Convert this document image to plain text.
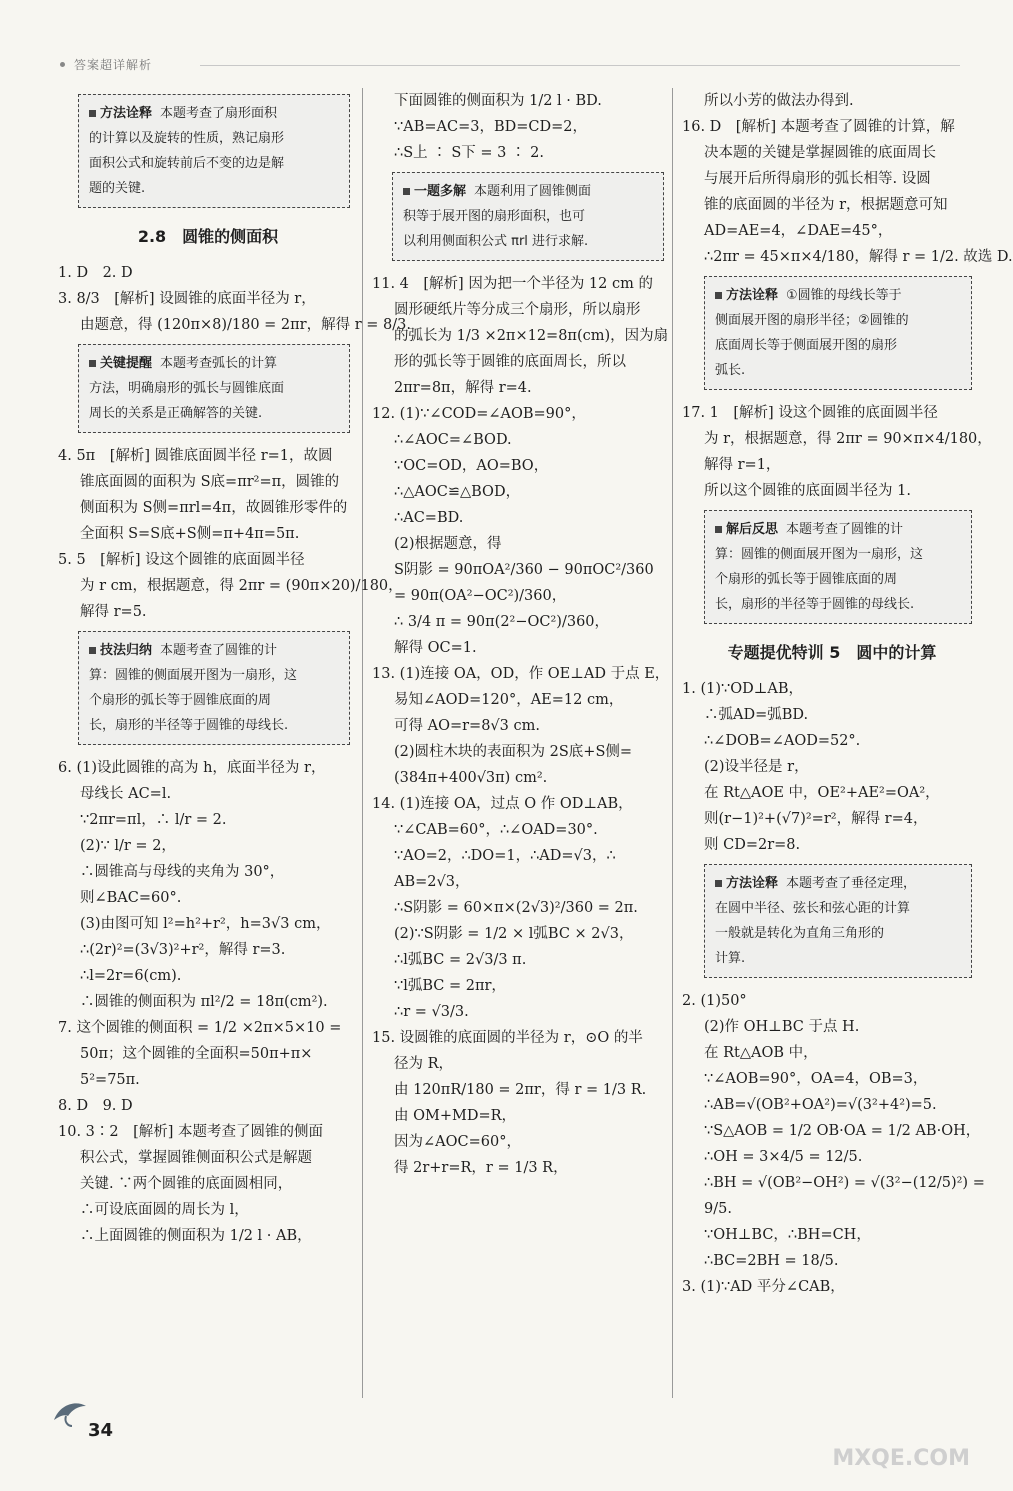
答案超详解析
方法诠释 本题考查了扇形面积
的计算以及旋转的性质，熟记扇形
面积公式和旋转前后不变的边是解
题的关键.
2.8　圆锥的侧面积
1. D　2. D
3. 8/3　[解析] 设圆锥的底面半径为 r，
由题意，得 (120π×8)/180 = 2πr，解得 r = 8/3.
关键提醒 本题考查弧长的计算
方法，明确扇形的弧长与圆锥底面
周长的关系是正确解答的关键.
4. 5π　[解析] 圆锥底面圆半径 r=1，故圆
锥底面圆的面积为 S底=πr²=π，圆锥的
侧面积为 S侧=πrl=4π，故圆锥形零件的
全面积 S=S底+S侧=π+4π=5π.
5. 5　[解析] 设这个圆锥的底面圆半径
为 r cm，根据题意，得 2πr = (90π×20)/180，
解得 r=5.
技法归纳 本题考查了圆锥的计
算：圆锥的侧面展开图为一扇形，这
个扇形的弧长等于圆锥底面的周
长，扇形的半径等于圆锥的母线长.
6. (1)设此圆锥的高为 h，底面半径为 r，
母线长 AC=l.
∵2πr=πl，∴ l/r = 2.
(2)∵ l/r = 2，
∴圆锥高与母线的夹角为 30°，
则∠BAC=60°.
(3)由图可知 l²=h²+r²，h=3√3 cm，
∴(2r)²=(3√3)²+r²，解得 r=3.
∴l=2r=6(cm).
∴圆锥的侧面积为 πl²/2 = 18π(cm²).
7. 这个圆锥的侧面积 = 1/2 ×2π×5×10 =
50π；这个圆锥的全面积=50π+π×
5²=75π.
8. D　9. D
10. 3∶2　[解析] 本题考查了圆锥的侧面
积公式，掌握圆锥侧面积公式是解题
关键. ∵两个圆锥的底面圆相同，
∴可设底面圆的周长为 l，
∴上面圆锥的侧面积为 1/2 l · AB，
下面圆锥的侧面积为 1/2 l · BD.
∵AB=AC=3，BD=CD=2，
∴S上 ∶ S下 = 3 ∶ 2.
一题多解 本题利用了圆锥侧面
积等于展开图的扇形面积，也可
以利用侧面积公式 πrl 进行求解.
11. 4　[解析] 因为把一个半径为 12 cm 的
圆形硬纸片等分成三个扇形，所以扇形
的弧长为 1/3 ×2π×12=8π(cm)，因为扇
形的弧长等于圆锥的底面周长，所以
2πr=8π，解得 r=4.
12. (1)∵∠COD=∠AOB=90°，
∴∠AOC=∠BOD.
∵OC=OD，AO=BO，
∴△AOC≌△BOD，
∴AC=BD.
(2)根据题意，得
S阴影 = 90πOA²/360 − 90πOC²/360
= 90π(OA²−OC²)/360，
∴ 3/4 π = 90π(2²−OC²)/360，
解得 OC=1.
13. (1)连接 OA，OD，作 OE⊥AD 于点 E，
易知∠AOD=120°，AE=12 cm，
可得 AO=r=8√3 cm.
(2)圆柱木块的表面积为 2S底+S侧=
(384π+400√3π) cm².
14. (1)连接 OA，过点 O 作 OD⊥AB，
∵∠CAB=60°，∴∠OAD=30°.
∵AO=2，∴DO=1，∴AD=√3，∴
AB=2√3，
∴S阴影 = 60×π×(2√3)²/360 = 2π.
(2)∵S阴影 = 1/2 × l弧BC × 2√3，
∴l弧BC = 2√3/3 π.
∵l弧BC = 2πr，
∴r = √3/3.
15. 设圆锥的底面圆的半径为 r，⊙O 的半
径为 R，
由 120πR/180 = 2πr，得 r = 1/3 R.
由 OM+MD=R，
因为∠AOC=60°，
得 2r+r=R，r = 1/3 R，
所以小芳的做法办得到.
16. D　[解析] 本题考查了圆锥的计算，解
决本题的关键是掌握圆锥的底面周长
与展开后所得扇形的弧长相等. 设圆
锥的底面圆的半径为 r，根据题意可知
AD=AE=4，∠DAE=45°，
∴2πr = 45×π×4/180，解得 r = 1/2. 故选 D.
方法诠释 ①圆锥的母线长等于
侧面展开图的扇形半径；②圆锥的
底面周长等于侧面展开图的扇形
弧长.
17. 1　[解析] 设这个圆锥的底面圆半径
为 r，根据题意，得 2πr = 90×π×4/180，
解得 r=1，
所以这个圆锥的底面圆半径为 1.
解后反思 本题考查了圆锥的计
算：圆锥的侧面展开图为一扇形，这
个扇形的弧长等于圆锥底面的周
长，扇形的半径等于圆锥的母线长.
专题提优特训 5　圆中的计算
1. (1)∵OD⊥AB，
∴弧AD=弧BD.
∴∠DOB=∠AOD=52°.
(2)设半径是 r，
在 Rt△AOE 中，OE²+AE²=OA²，
则(r−1)²+(√7)²=r²，解得 r=4，
则 CD=2r=8.
方法诠释 本题考查了垂径定理，
在圆中半径、弦长和弦心距的计算
一般就是转化为直角三角形的
计算.
2. (1)50°
(2)作 OH⊥BC 于点 H.
在 Rt△AOB 中，
∵∠AOB=90°，OA=4，OB=3，
∴AB=√(OB²+OA²)=√(3²+4²)=5.
∵S△AOB = 1/2 OB·OA = 1/2 AB·OH，
∴OH = 3×4/5 = 12/5.
∴BH = √(OB²−OH²) = √(3²−(12/5)²) =
9/5.
∵OH⊥BC，∴BH=CH，
∴BC=2BH = 18/5.
3. (1)∵AD 平分∠CAB，
34
MXQE.COM
